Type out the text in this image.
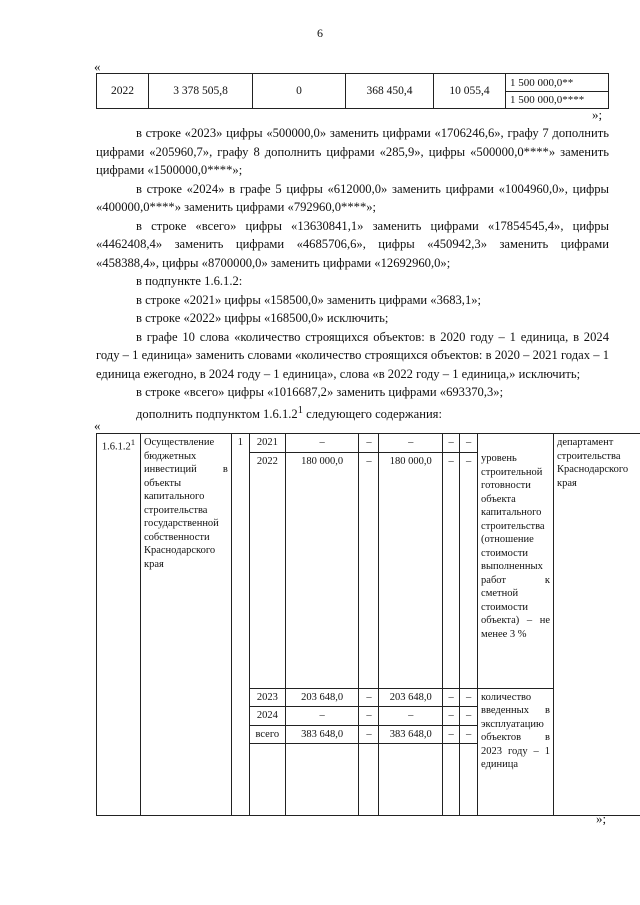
6
«
2022	3 378 505,8	0	368 450,4	10 055,4	
1 500 000,0**
1 500 000,0****
»;

в строке «2023» цифры «500000,0» заменить цифрами «1706246,6», графу 7 дополнить цифрами «205960,7», графу 8 дополнить цифрами «285,9», цифры «500000,0****» заменить цифрами «1500000,0****»;

в строке «2024» в графе 5 цифры «612000,0» заменить цифрами «1004960,0», цифры «400000,0****» заменить цифрами «792960,0****»;

в строке «всего» цифры «13630841,1» заменить цифрами «17854545,4», цифры «4462408,4» заменить цифрами «4685706,6», цифры «450942,3» заменить цифрами «458388,4», цифры «8700000,0» заменить цифрами «12692960,0»;

в подпункте 1.6.1.2:

в строке «2021» цифры «158500,0» заменить цифрами «3683,1»;

в строке «2022» цифры «168500,0» исключить;

в графе 10 слова «количество строящихся объектов: в 2020 году – 1 единица, в 2024 году – 1 единица» заменить словами «количество строящихся объектов: в 2020 – 2021 годах – 1 единица ежегодно, в 2024 году – 1 единица», слова «в 2022 году – 1 единица,» исключить;

в строке «всего» цифры «1016687,2» заменить цифрами «693370,3»;

дополнить подпунктом 1.6.1.2$^1$ следующего содержания:

«
1.6.1.2$^1$	Осуществление бюджетных инвестиций в объекты капитального строительства государственной собственности Краснодарского края	1	2021	–	–	–	–	–	уровень строительной готовности объекта капитального строительства (отношение стоимости выполненных работ к сметной стоимости объекта) – не менее 3 %	департамент строительства Краснодарского края
			2022	180 000,0	–	180 000,0	–	–		
			2023	203 648,0	–	203 648,0	–	–	количество введенных в эксплуатацию объектов в 2023 году – 1 единица	
			2024	–	–	–	–	–		
			всего	383 648,0	–	383 648,0	–	–		

»;
